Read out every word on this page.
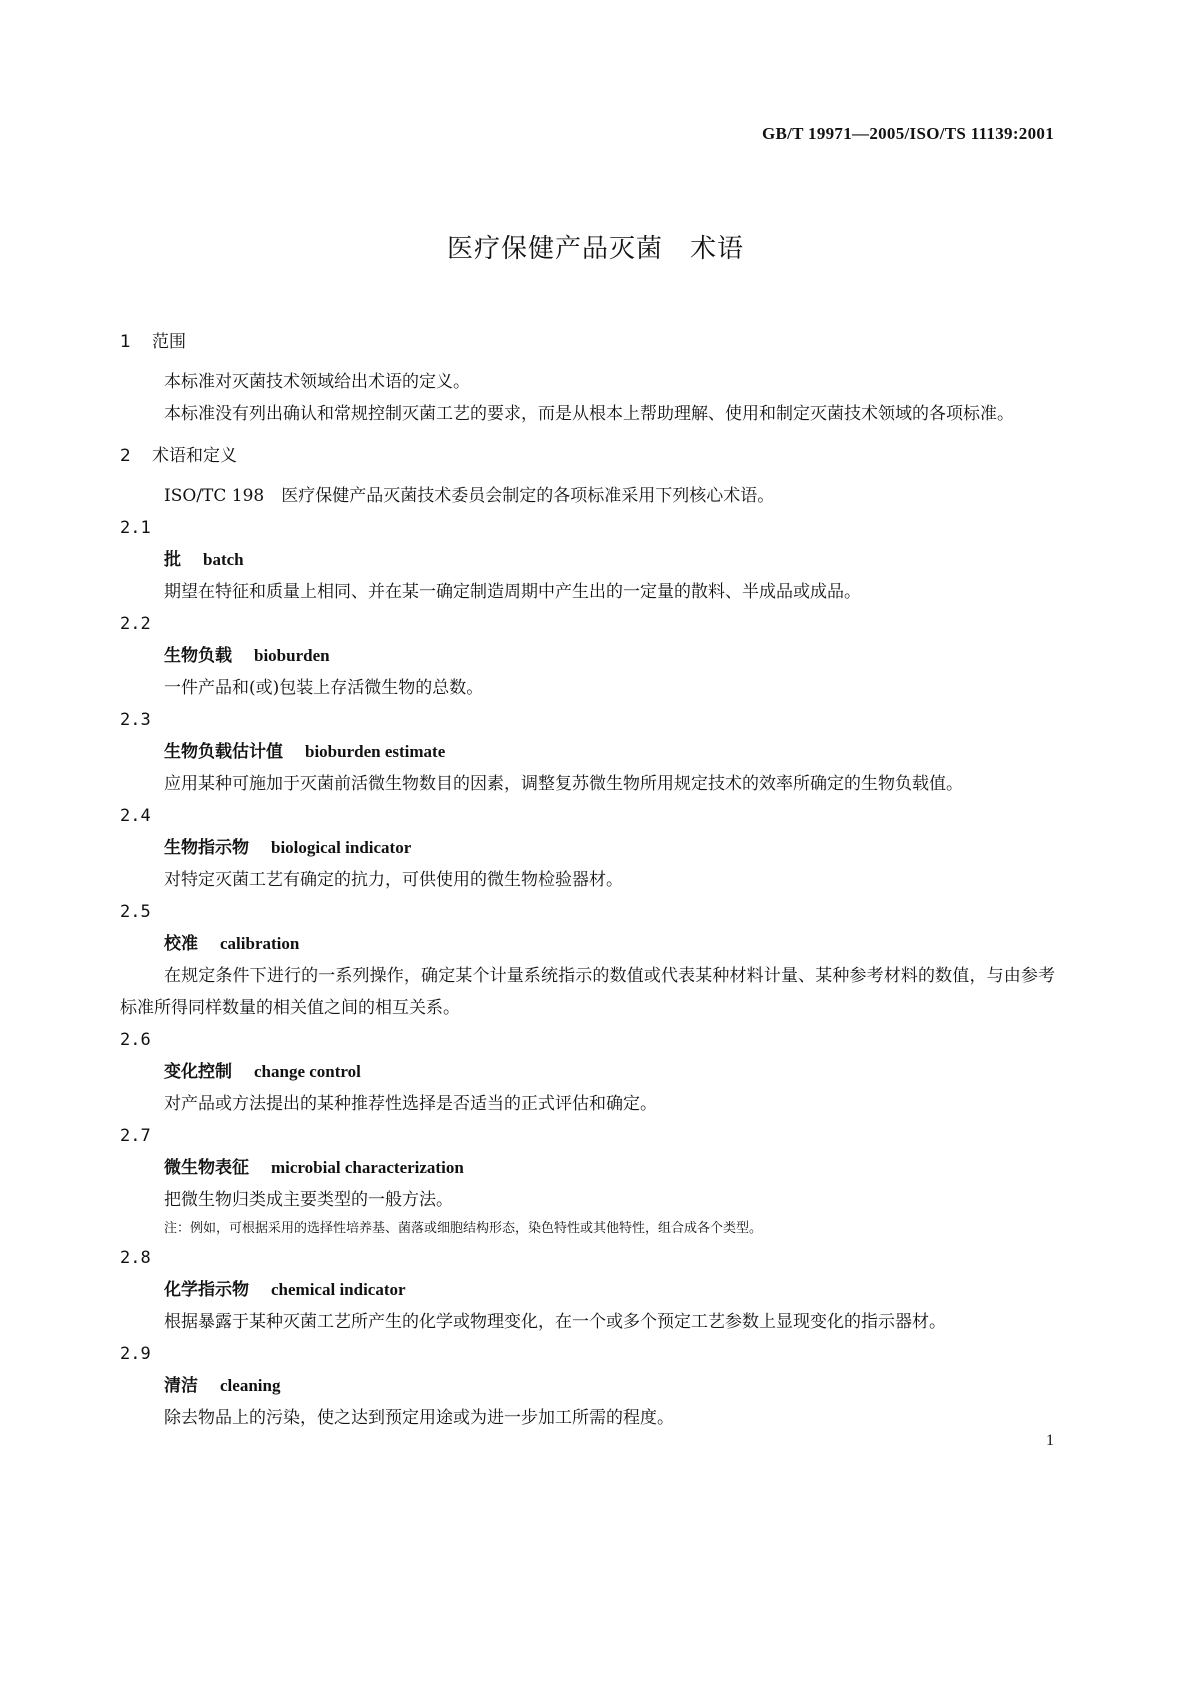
GB/T 19971—2005/ISO/TS 11139:2001
医疗保健产品灭菌　术语
1 范围

本标准对灭菌技术领域给出术语的定义。

本标准没有列出确认和常规控制灭菌工艺的要求，而是从根本上帮助理解、使用和制定灭菌技术领域的各项标准。

2 术语和定义

ISO/TC 198　医疗保健产品灭菌技术委员会制定的各项标准采用下列核心术语。

2.1
批 batch

期望在特征和质量上相同、并在某一确定制造周期中产生出的一定量的散料、半成品或成品。

2.2
生物负载 bioburden

一件产品和(或)包装上存活微生物的总数。

2.3
生物负载估计值 bioburden estimate

应用某种可施加于灭菌前活微生物数目的因素，调整复苏微生物所用规定技术的效率所确定的生物负载值。

2.4
生物指示物 biological indicator

对特定灭菌工艺有确定的抗力，可供使用的微生物检验器材。

2.5
校准 calibration

在规定条件下进行的一系列操作，确定某个计量系统指示的数值或代表某种材料计量、某种参考材料的数值，与由参考标准所得同样数量的相关值之间的相互关系。

2.6
变化控制 change control

对产品或方法提出的某种推荐性选择是否适当的正式评估和确定。

2.7
微生物表征 microbial characterization

把微生物归类成主要类型的一般方法。

注：例如，可根据采用的选择性培养基、菌落或细胞结构形态，染色特性或其他特性，组合成各个类型。
2.8
化学指示物 chemical indicator

根据暴露于某种灭菌工艺所产生的化学或物理变化，在一个或多个预定工艺参数上显现变化的指示器材。

2.9
清洁 cleaning

除去物品上的污染，使之达到预定用途或为进一步加工所需的程度。

1
